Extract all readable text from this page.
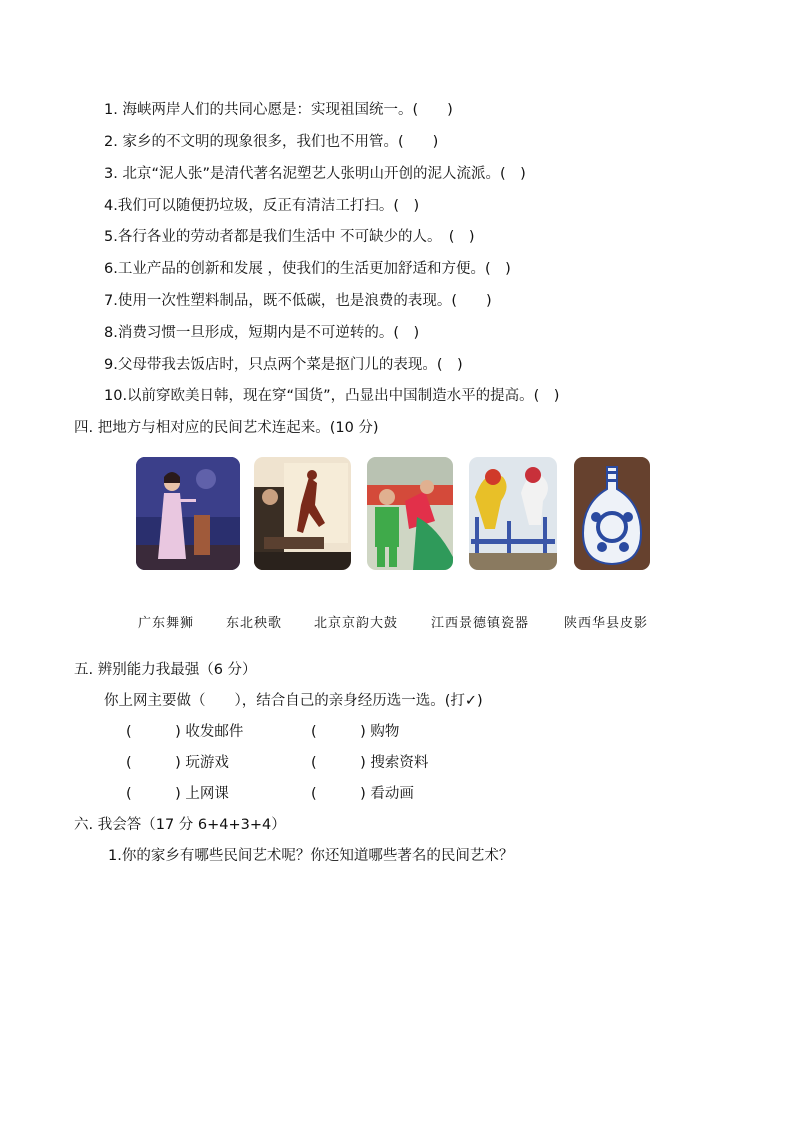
1. 海峡两岸人们的共同心愿是：实现祖国统一。(　　)
2. 家乡的不文明的现象很多，我们也不用管。(　　)
3. 北京“泥人张”是清代著名泥塑艺人张明山开创的泥人流派。(　)
4.我们可以随便扔垃圾，反正有清洁工打扫。(　)
5.各行各业的劳动者都是我们生活中 不可缺少的人。　(　)
6.工业产品的创新和发展 ，使我们的生活更加舒适和方便。(　)
7.使用一次性塑料制品，既不低碳，也是浪费的表现。(　　)
8.消费习惯一旦形成，短期内是不可逆转的。(　)
9.父母带我去饭店时，只点两个菜是抠门儿的表现。(　)
10.以前穿欧美日韩，现在穿“国货”，凸显出中国制造水平的提高。(　)
四. 把地方与相对应的民间艺术连起来。(10 分)
广东舞狮 东北秧歌 北京京韵大鼓	江西景德镇瓷器	陕西华县皮影
五. 辨别能力我最强（6 分）
你上网主要做（　　），结合自己的亲身经历选一选。(打✓)
(　　　) 收发邮件	(　　　) 购物
(　　　) 玩游戏	(　　　) 搜索资料
(　　　) 上网课	(　　　) 看动画
六. 我会答（17 分 6+4+3+4）
1.你的家乡有哪些民间艺术呢？你还知道哪些著名的民间艺术？
